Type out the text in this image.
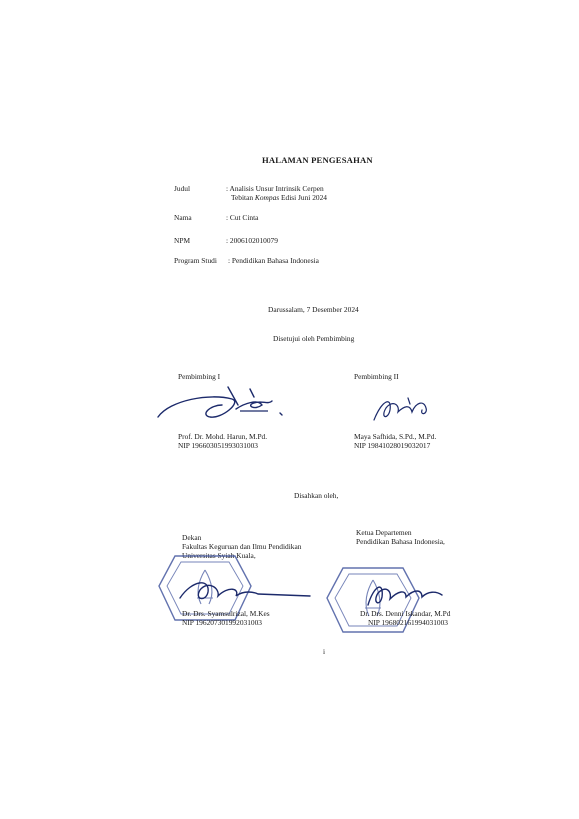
HALAMAN PENGESAHAN
Judul	: Analisis Unsur Intrinsik Cerpen
Tebitan Kompas Edisi Juni 2024
Nama	: Cut Cinta
NPM	: 2006102010079
Program Studi : Pendidikan Bahasa Indonesia
Darussalam, 7 Desember 2024
Disetujui oleh Pembimbing
Pembimbing I
Prof. Dr. Mohd. Harun, M.Pd.
NIP 196603051993031003
Pembimbing II
Maya Safhida, S.Pd., M.Pd.
NIP 19841028019032017
Disahkan oleh,
Dekan
Fakultas Keguruan dan Ilmu Pendidikan
Universitas Syiah Kuala,
Dr. Drs. Syamsulrizal, M.Kes
NIP 196207301992031003
Ketua Departemen
Pendidikan Bahasa Indonesia,
Dr. Drs. Denni Iskandar, M.Pd
NIP 196802161994031003
i
